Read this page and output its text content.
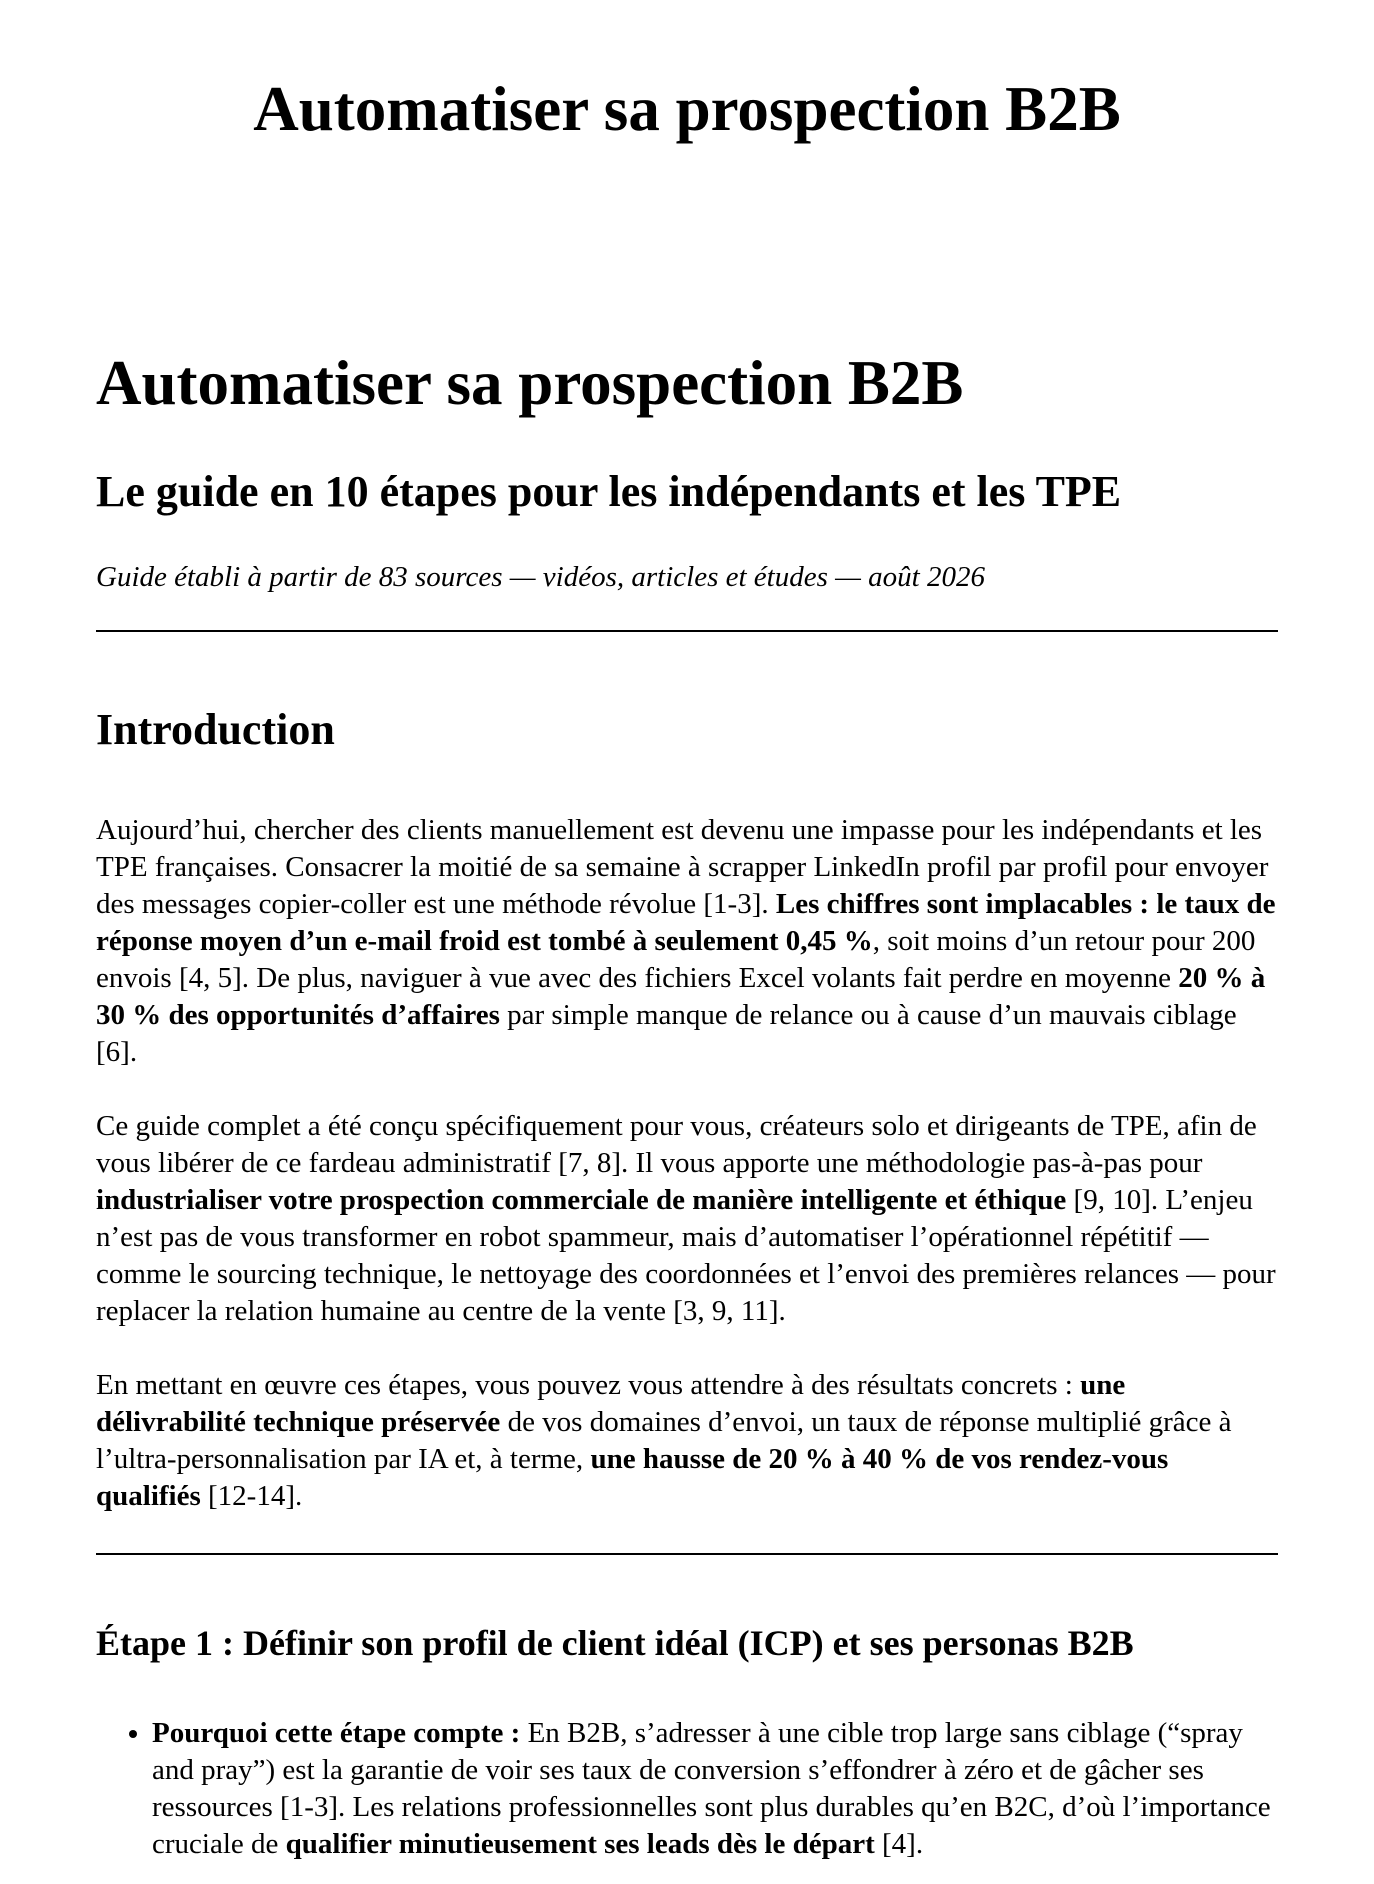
Automatiser sa prospection B2B
Automatiser sa prospection B2B
Le guide en 10 étapes pour les indépendants et les TPE

Guide établi à partir de 83 sources — vidéos, articles et études — août 2026

Introduction

Aujourd’hui, chercher des clients manuellement est devenu une impasse pour les indépendants et les TPE françaises. Consacrer la moitié de sa semaine à scrapper LinkedIn profil par profil pour envoyer des messages copier-coller est une méthode révolue [1-3]. Les chiffres sont implacables : le taux de réponse moyen d’un e-mail froid est tombé à seulement 0,45 %, soit moins d’un retour pour 200 envois [4, 5]. De plus, naviguer à vue avec des fichiers Excel volants fait perdre en moyenne 20 % à 30 % des opportunités d’affaires par simple manque de relance ou à cause d’un mauvais ciblage [6].

Ce guide complet a été conçu spécifiquement pour vous, créateurs solo et dirigeants de TPE, afin de vous libérer de ce fardeau administratif [7, 8]. Il vous apporte une méthodologie pas-à-pas pour industrialiser votre prospection commerciale de manière intelligente et éthique [9, 10]. L’enjeu n’est pas de vous transformer en robot spammeur, mais d’automatiser l’opérationnel répétitif — comme le sourcing technique, le nettoyage des coordonnées et l’envoi des premières relances — pour replacer la relation humaine au centre de la vente [3, 9, 11].

En mettant en œuvre ces étapes, vous pouvez vous attendre à des résultats concrets : une délivrabilité technique préservée de vos domaines d’envoi, un taux de réponse multiplié grâce à l’ultra-personnalisation par IA et, à terme, une hausse de 20 % à 40 % de vos rendez-vous qualifiés [12-14].

Étape 1 : Définir son profil de client idéal (ICP) et ses personas B2B
• Pourquoi cette étape compte : En B2B, s’adresser à une cible trop large sans ciblage (“spray and pray”) est la garantie de voir ses taux de conversion s’effondrer à zéro et de gâcher ses ressources [1-3]. Les relations professionnelles sont plus durables qu’en B2C, d’où l’importance cruciale de qualifier minutieusement ses leads dès le départ [4].
